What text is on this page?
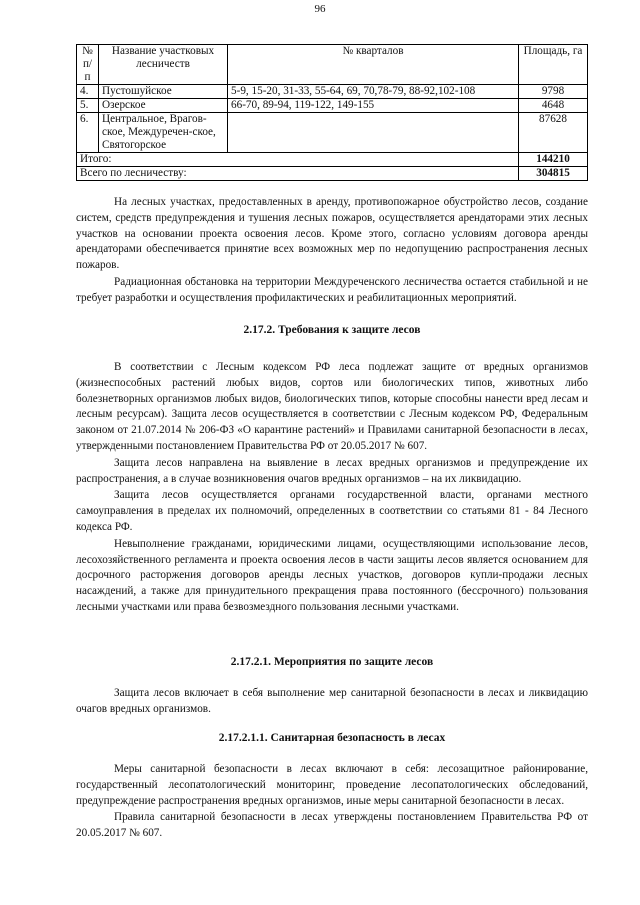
96
№ п/п	Название участковых лесничеств	№ кварталов	Площадь, га
4.	Пустошуйское	5-9, 15-20, 31-33, 55-64, 69, 70,78-79, 88-92,102-108	9798
5.	Озерское	66-70, 89-94, 119-122, 149-155	4648
6.	Центральное, Врагов-ское, Междуречен-ское, Святогорское		87628
Итого:			144210
Всего по лесничеству:			304815

На лесных участках, предоставленных в аренду, противопожарное обустройство лесов, создание систем, средств предупреждения и тушения лесных пожаров, осуществляется арендаторами этих лесных участков на основании проекта освоения лесов. Кроме этого, согласно условиям договора аренды арендаторами обеспечивается принятие всех возможных мер по недопущению распространения лесных пожаров.

Радиационная обстановка на территории Междуреченского лесничества остается стабильной и не требует разработки и осуществления профилактических и реабилитационных мероприятий.

2.17.2. Требования к защите лесов

В соответствии с Лесным кодексом РФ леса подлежат защите от вредных организмов (жизнеспособных растений любых видов, сортов или биологических типов, животных либо болезнетворных организмов любых видов, биологических типов, которые способны нанести вред лесам и лесным ресурсам). Защита лесов осуществляется в соответствии с Лесным кодексом РФ, Федеральным законом от 21.07.2014 № 206-ФЗ «О карантине растений» и Правилами санитарной безопасности в лесах, утвержденными постановлением Правительства РФ от 20.05.2017 № 607.

Защита лесов направлена на выявление в лесах вредных организмов и предупреждение их распространения, а в случае возникновения очагов вредных организмов – на их ликвидацию.

Защита лесов осуществляется органами государственной власти, органами местного самоуправления в пределах их полномочий, определенных в соответствии со статьями 81 - 84 Лесного кодекса РФ.

Невыполнение гражданами, юридическими лицами, осуществляющими использование лесов, лесохозяйственного регламента и проекта освоения лесов в части защиты лесов является основанием для досрочного расторжения договоров аренды лесных участков, договоров купли-продажи лесных насаждений, а также для принудительного прекращения права постоянного (бессрочного) пользования лесными участками или права безвозмездного пользования лесными участками.

2.17.2.1. Мероприятия по защите лесов

Защита лесов включает в себя выполнение мер санитарной безопасности в лесах и ликвидацию очагов вредных организмов.

2.17.2.1.1. Санитарная безопасность в лесах

Меры санитарной безопасности в лесах включают в себя: лесозащитное районирование, государственный лесопатологический мониторинг, проведение лесопатологических обследований, предупреждение распространения вредных организмов, иные меры санитарной безопасности в лесах.

Правила санитарной безопасности в лесах утверждены постановлением Правительства РФ от 20.05.2017 № 607.
